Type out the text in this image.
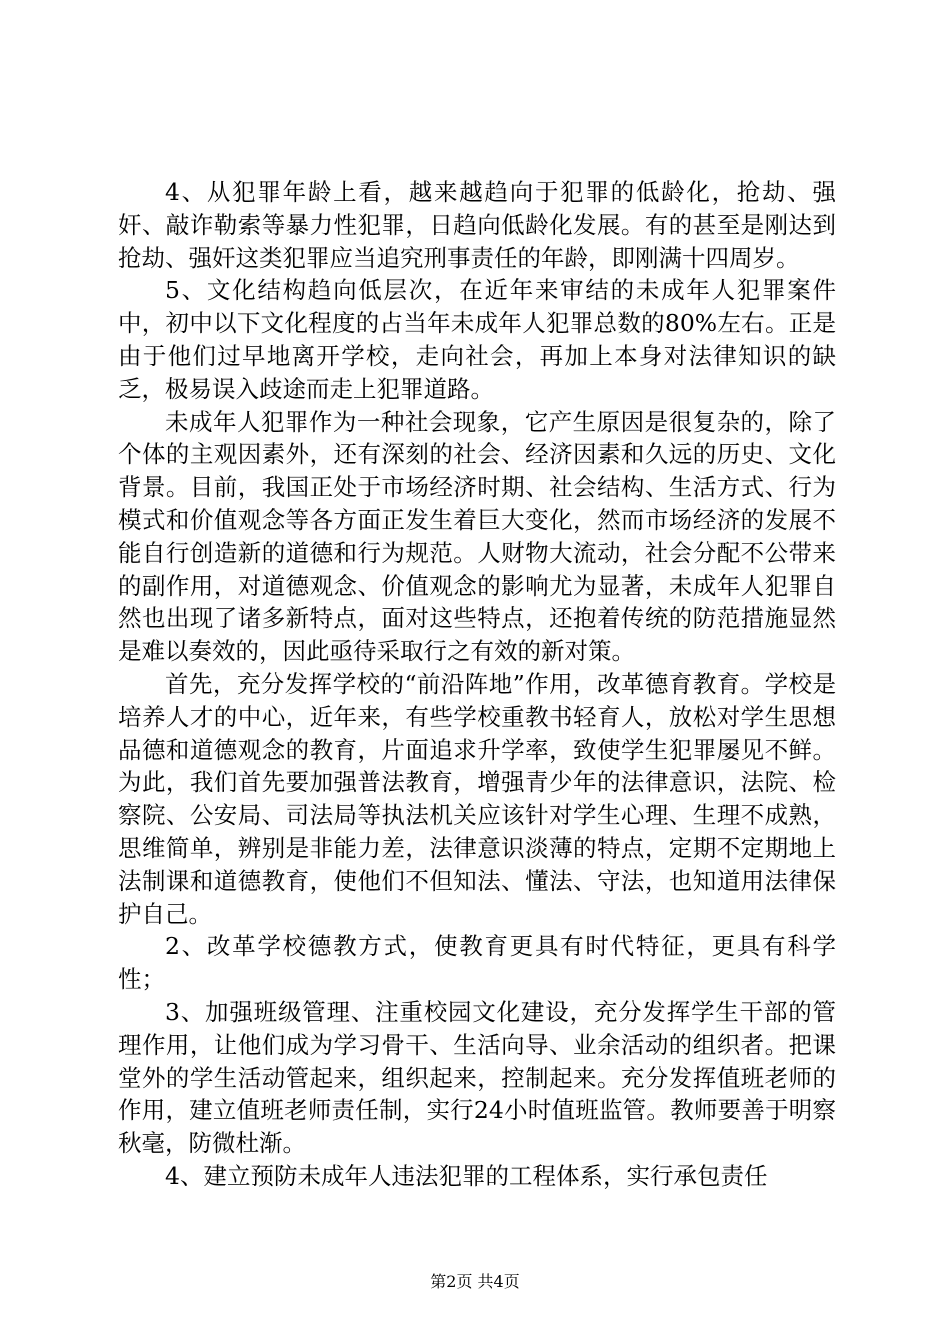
4、从犯罪年龄上看，越来越趋向于犯罪的低龄化，抢劫、强奸、敲诈勒索等暴力性犯罪，日趋向低龄化发展。有的甚至是刚达到抢劫、强奸这类犯罪应当追究刑事责任的年龄，即刚满十四周岁。

5、文化结构趋向低层次，在近年来审结的未成年人犯罪案件中，初中以下文化程度的占当年未成年人犯罪总数的80%左右。正是由于他们过早地离开学校，走向社会，再加上本身对法律知识的缺乏，极易误入歧途而走上犯罪道路。

未成年人犯罪作为一种社会现象，它产生原因是很复杂的，除了个体的主观因素外，还有深刻的社会、经济因素和久远的历史、文化背景。目前，我国正处于市场经济时期、社会结构、生活方式、行为模式和价值观念等各方面正发生着巨大变化，然而市场经济的发展不能自行创造新的道德和行为规范。人财物大流动，社会分配不公带来的副作用，对道德观念、价值观念的影响尤为显著，未成年人犯罪自然也出现了诸多新特点，面对这些特点，还抱着传统的防范措施显然是难以奏效的，因此亟待采取行之有效的新对策。

首先，充分发挥学校的“前沿阵地”作用，改革德育教育。学校是培养人才的中心，近年来，有些学校重教书轻育人，放松对学生思想品德和道德观念的教育，片面追求升学率，致使学生犯罪屡见不鲜。为此，我们首先要加强普法教育，增强青少年的法律意识，法院、检察院、公安局、司法局等执法机关应该针对学生心理、生理不成熟，思维简单，辨别是非能力差，法律意识淡薄的特点，定期不定期地上法制课和道德教育，使他们不但知法、懂法、守法，也知道用法律保护自己。

2、改革学校德教方式，使教育更具有时代特征，更具有科学性；

3、加强班级管理、注重校园文化建设，充分发挥学生干部的管理作用，让他们成为学习骨干、生活向导、业余活动的组织者。把课堂外的学生活动管起来，组织起来，控制起来。充分发挥值班老师的作用，建立值班老师责任制，实行24小时值班监管。教师要善于明察秋毫，防微杜渐。

4、建立预防未成年人违法犯罪的工程体系，实行承包责任

第2页 共4页
